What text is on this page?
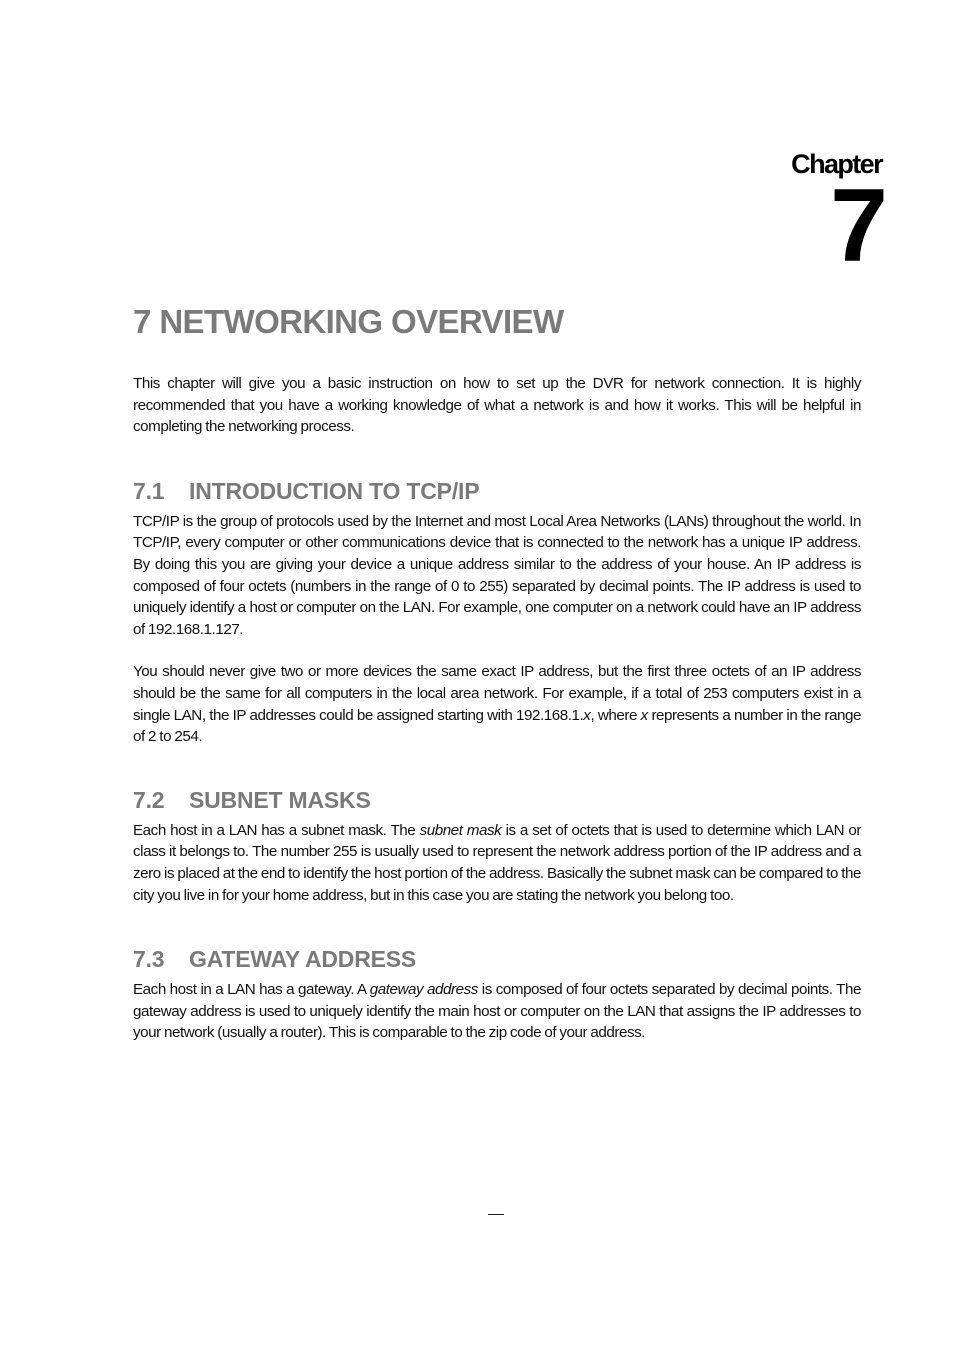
Chapter
7
7 NETWORKING OVERVIEW

This chapter will give you a basic instruction on how to set up the DVR for network connection. It is highly recommended that you have a working knowledge of what a network is and how it works. This will be helpful in completing the networking process.

7.1 INTRODUCTION TO TCP/IP

TCP/IP is the group of protocols used by the Internet and most Local Area Networks (LANs) throughout the world. In TCP/IP, every computer or other communications device that is connected to the network has a unique IP address. By doing this you are giving your device a unique address similar to the address of your house. An IP address is composed of four octets (numbers in the range of 0 to 255) separated by decimal points. The IP address is used to uniquely identify a host or computer on the LAN. For example, one computer on a network could have an IP address of 192.168.1.127.

You should never give two or more devices the same exact IP address, but the first three octets of an IP address should be the same for all computers in the local area network. For example, if a total of 253 computers exist in a single LAN, the IP addresses could be assigned starting with 192.168.1.x, where x represents a number in the range of 2 to 254.

7.2 SUBNET MASKS

Each host in a LAN has a subnet mask. The subnet mask is a set of octets that is used to determine which LAN or class it belongs to. The number 255 is usually used to represent the network address portion of the IP address and a zero is placed at the end to identify the host portion of the address. Basically the subnet mask can be compared to the city you live in for your home address, but in this case you are stating the network you belong too.

7.3 GATEWAY ADDRESS

Each host in a LAN has a gateway. A gateway address is composed of four octets separated by decimal points. The gateway address is used to uniquely identify the main host or computer on the LAN that assigns the IP addresses to your network (usually a router). This is comparable to the zip code of your address.
